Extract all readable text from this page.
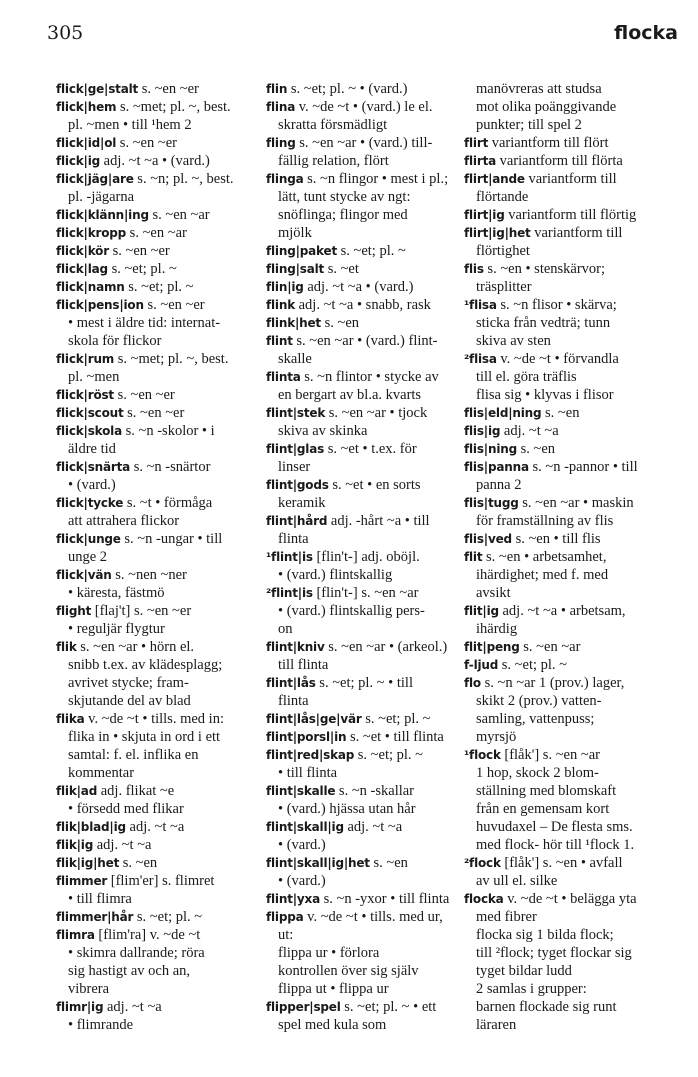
305	flocka
flick|ge|stalt s. ~en ~er
flick|hem s. ~met; pl. ~, best.
pl. ~men • till ¹hem 2
flick|id|ol s. ~en ~er
flick|ig adj. ~t ~a • (vard.)
flick|jäg|are s. ~n; pl. ~, best.
pl. -jägarna
flick|klänn|ing s. ~en ~ar
flick|kropp s. ~en ~ar
flick|kör s. ~en ~er
flick|lag s. ~et; pl. ~
flick|namn s. ~et; pl. ~
flick|pens|ion s. ~en ~er
• mest i äldre tid: internat-
skola för flickor
flick|rum s. ~met; pl. ~, best.
pl. ~men
flick|röst s. ~en ~er
flick|scout s. ~en ~er
flick|skola s. ~n -skolor • i
äldre tid
flick|snärta s. ~n -snärtor
• (vard.)
flick|tycke s. ~t • förmåga
att attrahera flickor
flick|unge s. ~n -ungar • till
unge 2
flick|vän s. ~nen ~ner
• käresta, fästmö
flight [flaj't] s. ~en ~er
• reguljär flygtur
flik s. ~en ~ar • hörn el.
snibb t.ex. av klädesplagg;
avrivet stycke; fram-
skjutande del av blad
flika v. ~de ~t • tills. med in:
flika in • skjuta in ord i ett
samtal: f. el. inflika en
kommentar
flik|ad adj. flikat ~e
• försedd med flikar
flik|blad|ig adj. ~t ~a
flik|ig adj. ~t ~a
flik|ig|het s. ~en
flimmer [flim'er] s. flimret
• till flimra
flimmer|hår s. ~et; pl. ~
flimra [flim'ra] v. ~de ~t
• skimra dallrande; röra
sig hastigt av och an,
vibrera
flimr|ig adj. ~t ~a
• flimrande
flin s. ~et; pl. ~ • (vard.)
flina v. ~de ~t • (vard.) le el.
skratta försmädligt
fling s. ~en ~ar • (vard.) till-
fällig relation, flört
flinga s. ~n flingor • mest i pl.;
lätt, tunt stycke av ngt:
snöflinga; flingor med
mjölk
fling|paket s. ~et; pl. ~
fling|salt s. ~et
flin|ig adj. ~t ~a • (vard.)
flink adj. ~t ~a • snabb, rask
flink|het s. ~en
flint s. ~en ~ar • (vard.) flint-
skalle
flinta s. ~n flintor • stycke av
en bergart av bl.a. kvarts
flint|stek s. ~en ~ar • tjock
skiva av skinka
flint|glas s. ~et • t.ex. för
linser
flint|gods s. ~et • en sorts
keramik
flint|hård adj. -hårt ~a • till
flinta
¹flint|is [flin't-] adj. oböjl.
• (vard.) flintskallig
²flint|is [flin't-] s. ~en ~ar
• (vard.) flintskallig pers-
on
flint|kniv s. ~en ~ar • (arkeol.)
till flinta
flint|lås s. ~et; pl. ~ • till
flinta
flint|lås|ge|vär s. ~et; pl. ~
flint|porsl|in s. ~et • till flinta
flint|red|skap s. ~et; pl. ~
• till flinta
flint|skalle s. ~n -skallar
• (vard.) hjässa utan hår
flint|skall|ig adj. ~t ~a
• (vard.)
flint|skall|ig|het s. ~en
• (vard.)
flint|yxa s. ~n -yxor • till flinta
flippa v. ~de ~t • tills. med ur,
ut:
flippa ur • förlora
kontrollen över sig själv
flippa ut • flippa ur
flipper|spel s. ~et; pl. ~ • ett
spel med kula som
manövreras att studsa
mot olika poänggivande
punkter; till spel 2
flirt variantform till flört
flirta variantform till flörta
flirt|ande variantform till
flörtande
flirt|ig variantform till flörtig
flirt|ig|het variantform till
flörtighet
flis s. ~en • stenskärvor;
träsplitter
¹flisa s. ~n flisor • skärva;
sticka från vedträ; tunn
skiva av sten
²flisa v. ~de ~t • förvandla
till el. göra träflis
flisa sig • klyvas i flisor
flis|eld|ning s. ~en
flis|ig adj. ~t ~a
flis|ning s. ~en
flis|panna s. ~n -pannor • till
panna 2
flis|tugg s. ~en ~ar • maskin
för framställning av flis
flis|ved s. ~en • till flis
flit s. ~en • arbetsamhet,
ihärdighet; med f. med
avsikt
flit|ig adj. ~t ~a • arbetsam,
ihärdig
flit|peng s. ~en ~ar
f-ljud s. ~et; pl. ~
flo s. ~n ~ar 1 (prov.) lager,
skikt 2 (prov.) vatten-
samling, vattenpuss;
myrsjö
¹flock [flåk'] s. ~en ~ar
1 hop, skock 2 blom-
ställning med blomskaft
från en gemensam kort
huvudaxel – De flesta sms.
med flock- hör till ¹flock 1.
²flock [flåk'] s. ~en • avfall
av ull el. silke
flocka v. ~de ~t • belägga yta
med fibrer
flocka sig 1 bilda flock;
till ²flock; tyget flockar sig
tyget bildar ludd
2 samlas i grupper:
barnen flockade sig runt
läraren
